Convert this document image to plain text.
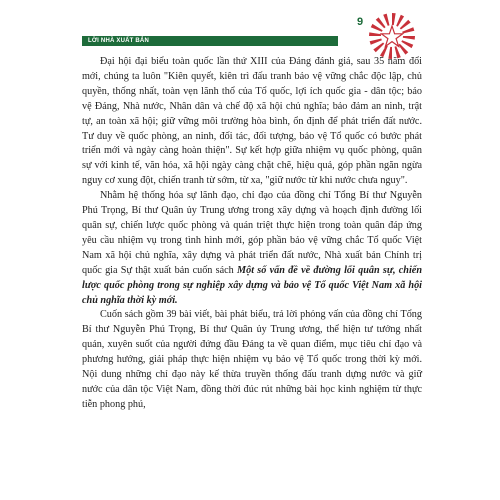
LỜI NHÀ XUẤT BẢN
9

Đại hội đại biểu toàn quốc lần thứ XIII của Đảng đánh giá, sau 35 năm đổi mới, chúng ta luôn "Kiên quyết, kiên trì đấu tranh bảo vệ vững chắc độc lập, chủ quyền, thống nhất, toàn vẹn lãnh thổ của Tổ quốc, lợi ích quốc gia - dân tộc; bảo vệ Đảng, Nhà nước, Nhân dân và chế độ xã hội chủ nghĩa; bảo đảm an ninh, trật tự, an toàn xã hội; giữ vững môi trường hòa bình, ổn định để phát triển đất nước. Tư duy về quốc phòng, an ninh, đối tác, đối tượng, bảo vệ Tổ quốc có bước phát triển mới và ngày càng hoàn thiện". Sự kết hợp giữa nhiệm vụ quốc phòng, quân sự với kinh tế, văn hóa, xã hội ngày càng chặt chẽ, hiệu quả, góp phần ngăn ngừa nguy cơ xung đột, chiến tranh từ sớm, từ xa, "giữ nước từ khi nước chưa nguy".

Nhằm hệ thống hóa sự lãnh đạo, chỉ đạo của đồng chí Tổng Bí thư Nguyễn Phú Trọng, Bí thư Quân ủy Trung ương trong xây dựng và hoạch định đường lối quân sự, chiến lược quốc phòng và quán triệt thực hiện trong toàn quân đáp ứng yêu cầu nhiệm vụ trong tình hình mới, góp phần bảo vệ vững chắc Tổ quốc Việt Nam xã hội chủ nghĩa, xây dựng và phát triển đất nước, Nhà xuất bản Chính trị quốc gia Sự thật xuất bản cuốn sách Một số vấn đề về đường lối quân sự, chiến lược quốc phòng trong sự nghiệp xây dựng và bảo vệ Tổ quốc Việt Nam xã hội chủ nghĩa thời kỳ mới.

Cuốn sách gồm 39 bài viết, bài phát biểu, trả lời phỏng vấn của đồng chí Tổng Bí thư Nguyễn Phú Trọng, Bí thư Quân ủy Trung ương, thể hiện tư tưởng nhất quán, xuyên suốt của người đứng đầu Đảng ta về quan điểm, mục tiêu chỉ đạo và phương hướng, giải pháp thực hiện nhiệm vụ bảo vệ Tổ quốc trong thời kỳ mới. Nội dung những chỉ đạo này kế thừa truyền thống đấu tranh dựng nước và giữ nước của dân tộc Việt Nam, đồng thời đúc rút những bài học kinh nghiệm từ thực tiễn phong phú,
